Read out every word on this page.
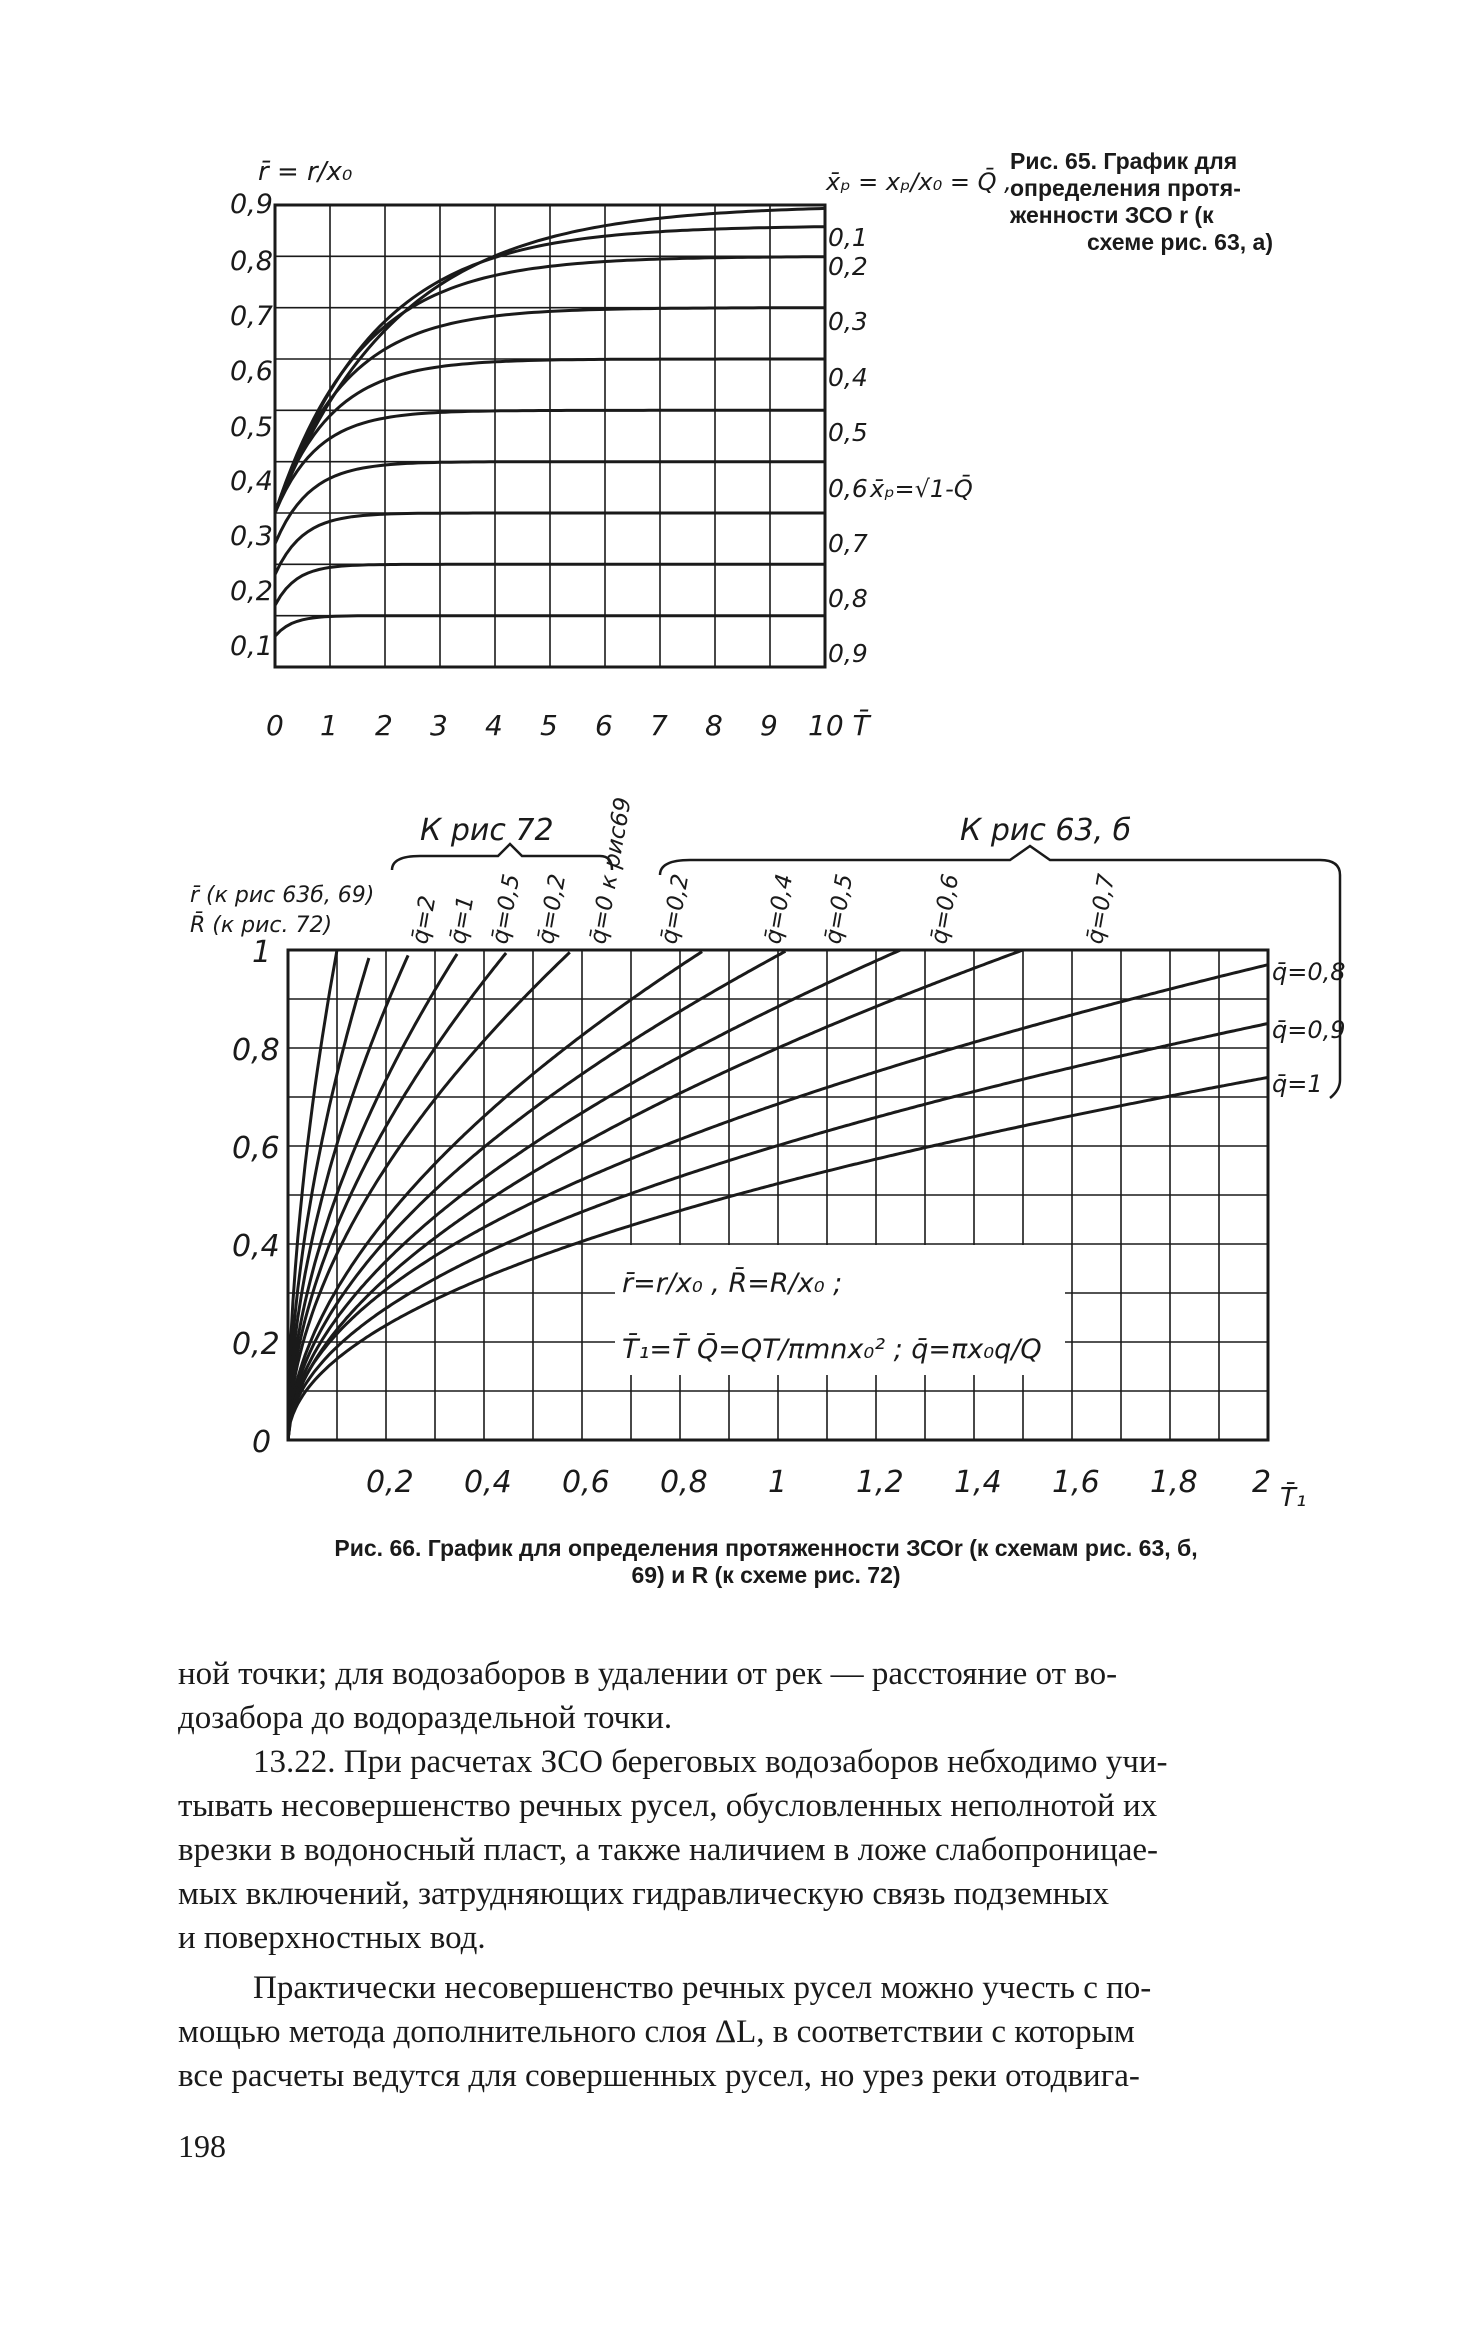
0,9
0,8
0,7
0,6
0,5
0,4
0,3
0,2
0,1
0,1
0,2
0,3
0,4
0,5
0,6
0,7
0,8
0,9
0 1 2 3 4 5 6 7 8 9 10 T̄
r̄ = r/x₀	x̄ₚ = xₚ/x₀ = Q̄ ,
x̄ₚ=√1-Q̄
Рис. 65. График для
определения протя-
женности ЗСО r (к
схеме рис. 63, а)
К рис 72	К рис 63, б
r̄ (к рис 63б, 69)
R̄ (к рис. 72)	q̄=2 q̄=1 q̄=0,5 q̄=0,2 q̄=0 к рис69 q̄=0,2	q̄=0,4 q̄=0,5	q̄=0,6	q̄=0,7
q̄=0,8
q̄=0,9
q̄=1
1
0,8
0,6
0,4
0,2
0
0,2 0,4 0,6 0,8 1 1,2 1,4 1,6 1,8 2 T̄₁
r̄=r/x₀ , R̄=R/x₀ ;
T̄₁=T̄ Q̄=QT/πmnx₀² ; q̄=πx₀q/Q
Рис. 66. График для определения протяженности ЗСОr (к схемам рис. 63, б,
69) и R (к схеме рис. 72)

ной точки; для водозаборов в удалении от рек — расстояние от во-
дозабора до водораздельной точки.

13.22. При расчетах ЗСО береговых водозаборов небходимо учи-
тывать несовершенство речных русел, обусловленных неполнотой их
врезки в водоносный пласт, а также наличием в ложе слабопроницае-
мых включений, затрудняющих гидравлическую связь подземных
и поверхностных вод.

Практически несовершенство речных русел можно учесть с по-
мощью метода дополнительного слоя ΔL, в соответствии с которым
все расчеты ведутся для совершенных русел, но урез реки отодвига-

198
